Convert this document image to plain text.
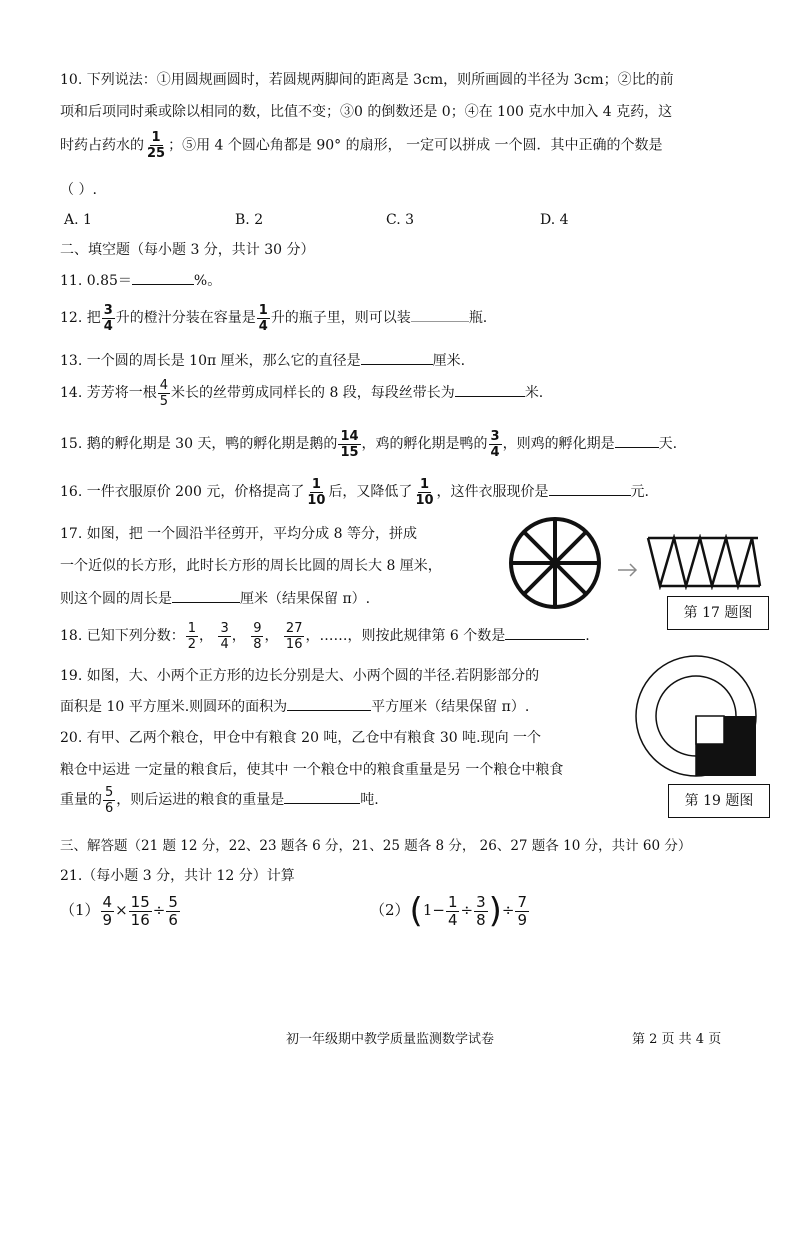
10. 下列说法：①用圆规画圆时，若圆规两脚间的距离是 3cm，则所画圆的半径为 3cm；②比的前
项和后项同时乘或除以相同的数，比值不变；③0 的倒数还是 0；④在 100 克水中加入 4 克药，这
时药占药水的 $\frac{1}{25}$ ；⑤用 4 个圆心角都是 90° 的扇形， 一定可以拼成 一个圆．其中正确的个数是
（ ）.
A. 1	B. 2	C. 3	D. 4
二、填空题（每小题 3 分，共计 30 分）
11. 0.85＝	%。
12. 把 $\frac{3}{4}$ 升的橙汁分装在容量是 $\frac{1}{4}$ 升的瓶子里，则可以装	瓶.
13. 一个圆的周长是 10π 厘米，那么它的直径是	厘米.
14. 芳芳将一根 $\frac{4}{5}$ 米长的丝带剪成同样长的 8 段，每段丝带长为	米.
15. 鹅的孵化期是 30 天，鸭的孵化期是鹅的 $\frac{14}{15}$ ，鸡的孵化期是鸭的 $\frac{3}{4}$ ，则鸡的孵化期是	天.
16. 一件衣服原价 200 元，价格提高了 $\frac{1}{10}$ 后，又降低了 $\frac{1}{10}$ ，这件衣服现价是	元.
17. 如图，把 一个圆沿半径剪开，平均分成 8 等分，拼成
一个近似的长方形，此时长方形的周长比圆的周长大 8 厘米，
则这个圆的周长是	厘米（结果保留 π）.
第 17 题图
18. 已知下列分数： $\frac{1}{2}$ ， $\frac{3}{4}$ ， $\frac{9}{8}$ ， $\frac{27}{16}$ ，……，则按此规律第 6 个数是	.
19. 如图，大、小两个正方形的边长分别是大、小两个圆的半径.若阴影部分的
面积是 10 平方厘米.则圆环的面积为	平方厘米（结果保留 π）.
第 19 题图
20. 有甲、乙两个粮仓，甲仓中有粮食 20 吨，乙仓中有粮食 30 吨.现向 一个
粮仓中运进 一定量的粮食后，使其中 一个粮仓中的粮食重量是另 一个粮仓中粮食
重量的 $\frac{5}{6}$ ，则后运进的粮食的重量是	吨.
三、解答题（21 题 12 分，22、23 题各 6 分，21、25 题各 8 分， 26、27 题各 10 分，共计 60 分）
21.（每小题 3 分，共计 12 分）计算
$(1) \frac{4}{9} \times \frac{15}{16} \div \frac{5}{6}$	$(2)(1- \frac{1}{4} \div \frac{3}{8}$ )÷ $\frac{7}{9}$
初一年级期中教学质量监测数学试卷	第 2 页 共 4 页
